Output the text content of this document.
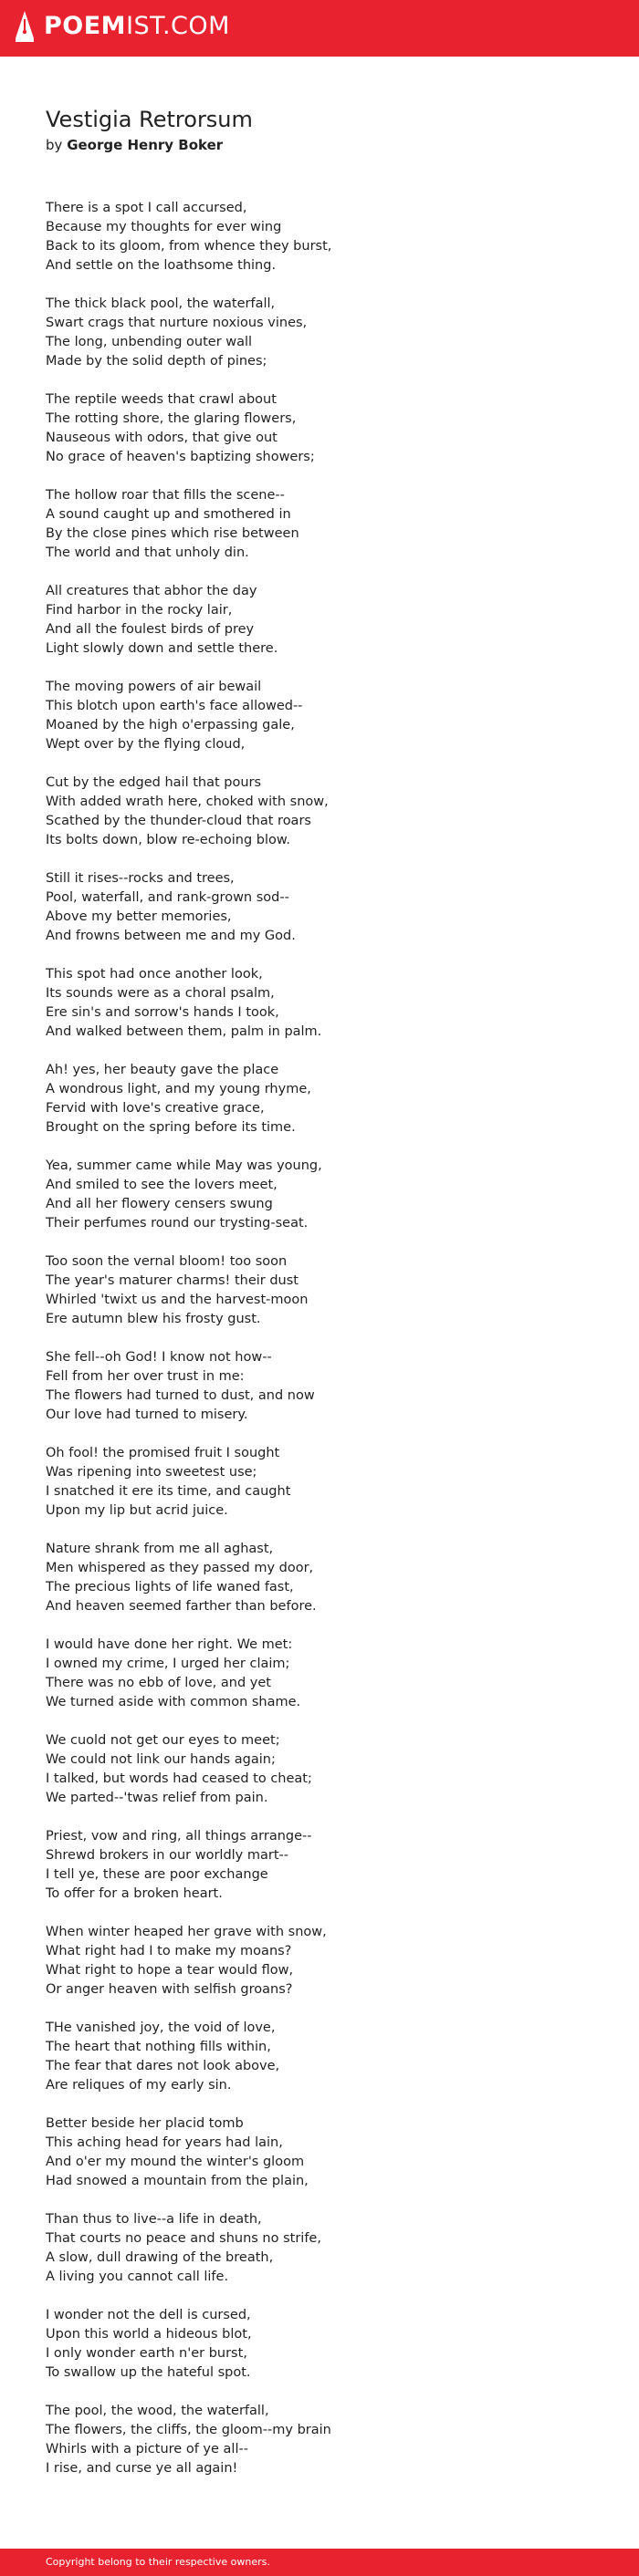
POEMIST.COM
Vestigia Retrorsum
by George Henry Boker

There is a spot I call accursed,
Because my thoughts for ever wing
Back to its gloom, from whence they burst,
And settle on the loathsome thing.

The thick black pool, the waterfall,
Swart crags that nurture noxious vines,
The long, unbending outer wall
Made by the solid depth of pines;

The reptile weeds that crawl about
The rotting shore, the glaring flowers,
Nauseous with odors, that give out
No grace of heaven's baptizing showers;

The hollow roar that fills the scene--
A sound caught up and smothered in
By the close pines which rise between
The world and that unholy din.

All creatures that abhor the day
Find harbor in the rocky lair,
And all the foulest birds of prey
Light slowly down and settle there.

The moving powers of air bewail
This blotch upon earth's face allowed--
Moaned by the high o'erpassing gale,
Wept over by the flying cloud,

Cut by the edged hail that pours
With added wrath here, choked with snow,
Scathed by the thunder-cloud that roars
Its bolts down, blow re-echoing blow.

Still it rises--rocks and trees,
Pool, waterfall, and rank-grown sod--
Above my better memories,
And frowns between me and my God.

This spot had once another look,
Its sounds were as a choral psalm,
Ere sin's and sorrow's hands I took,
And walked between them, palm in palm.

Ah! yes, her beauty gave the place
A wondrous light, and my young rhyme,
Fervid with love's creative grace,
Brought on the spring before its time.

Yea, summer came while May was young,
And smiled to see the lovers meet,
And all her flowery censers swung
Their perfumes round our trysting-seat.

Too soon the vernal bloom! too soon
The year's maturer charms! their dust
Whirled 'twixt us and the harvest-moon
Ere autumn blew his frosty gust.

She fell--oh God! I know not how--
Fell from her over trust in me:
The flowers had turned to dust, and now
Our love had turned to misery.

Oh fool! the promised fruit I sought
Was ripening into sweetest use;
I snatched it ere its time, and caught
Upon my lip but acrid juice.

Nature shrank from me all aghast,
Men whispered as they passed my door,
The precious lights of life waned fast,
And heaven seemed farther than before.

I would have done her right. We met:
I owned my crime, I urged her claim;
There was no ebb of love, and yet
We turned aside with common shame.

We cuold not get our eyes to meet;
We could not link our hands again;
I talked, but words had ceased to cheat;
We parted--'twas relief from pain.

Priest, vow and ring, all things arrange--
Shrewd brokers in our worldly mart--
I tell ye, these are poor exchange
To offer for a broken heart.

When winter heaped her grave with snow,
What right had I to make my moans?
What right to hope a tear would flow,
Or anger heaven with selfish groans?

THe vanished joy, the void of love,
The heart that nothing fills within,
The fear that dares not look above,
Are reliques of my early sin.

Better beside her placid tomb
This aching head for years had lain,
And o'er my mound the winter's gloom
Had snowed a mountain from the plain,

Than thus to live--a life in death,
That courts no peace and shuns no strife,
A slow, dull drawing of the breath,
A living you cannot call life.

I wonder not the dell is cursed,
Upon this world a hideous blot,
I only wonder earth n'er burst,
To swallow up the hateful spot.

The pool, the wood, the waterfall,
The flowers, the cliffs, the gloom--my brain
Whirls with a picture of ye all--
I rise, and curse ye all again!

Copyright belong to their respective owners.
